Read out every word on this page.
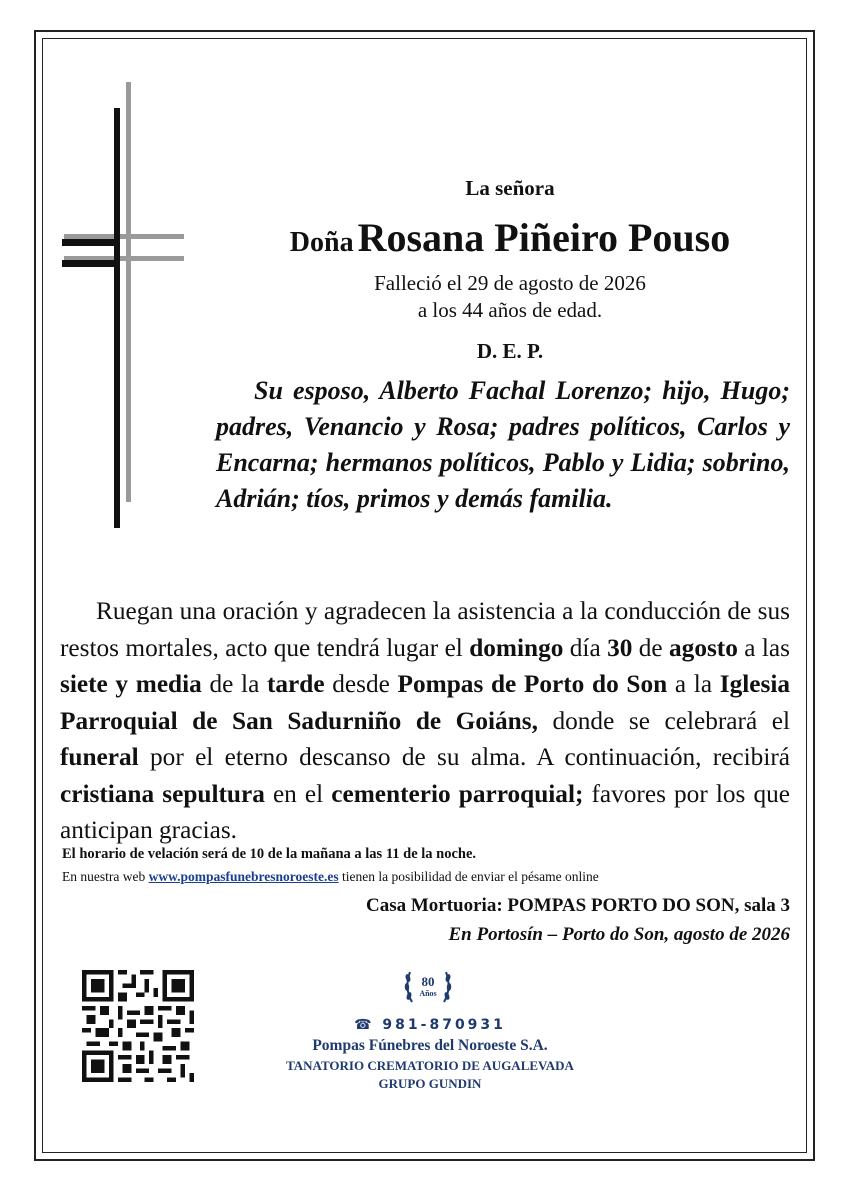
La señora
Doña Rosana Piñeiro Pouso
Falleció el 29 de agosto de 2026
a los 44 años de edad.
D. E. P.
Su esposo, Alberto Fachal Lorenzo; hijo, Hugo; padres, Venancio y Rosa; padres políticos, Carlos y Encarna; hermanos políticos, Pablo y Lidia; sobrino, Adrián; tíos, primos y demás familia.
Ruegan una oración y agradecen la asistencia a la conducción de sus restos mortales, acto que tendrá lugar el domingo día 30 de agosto a las siete y media de la tarde desde Pompas de Porto do Son a la Iglesia Parroquial de San Sadurniño de Goiáns, donde se celebrará el funeral por el eterno descanso de su alma. A continuación, recibirá cristiana sepultura en el cementerio parroquial; favores por los que anticipan gracias.
El horario de velación será de 10 de la mañana a las 11 de la noche.
En nuestra web www.pompasfunebresnoroeste.es tienen la posibilidad de enviar el pésame online
Casa Mortuoria: POMPAS PORTO DO SON, sala 3
En Portosín – Porto do Son, agosto de 2026
80
Años
☎ 981-870931
Pompas Fúnebres del Noroeste S.A.
TANATORIO CREMATORIO DE AUGALEVADA
GRUPO GUNDIN
